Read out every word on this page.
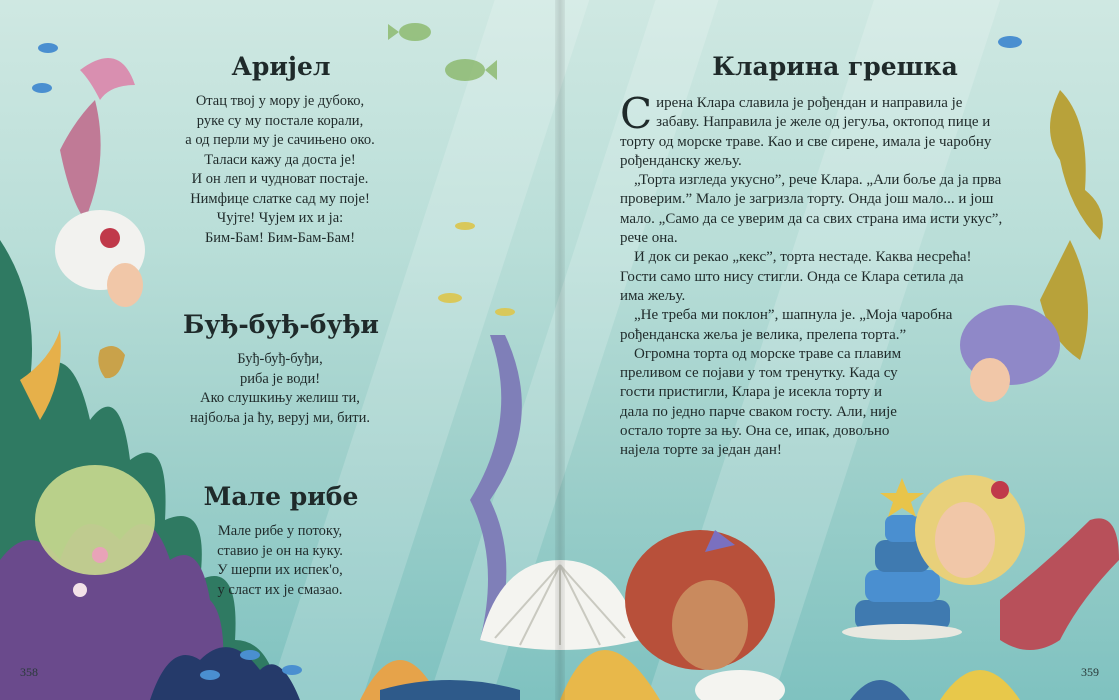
Аријел
Отац твој у мору је дубоко,
руке су му постале корали,
а од перли му је сачињено око.
Таласи кажу да доста је!
И он леп и чудноват постаје.
Нимфице слатке сад му поје!
Чујте! Чујем их и ја:
Бим-Бам! Бим-Бам-Бам!
Буђ-буђ-буђи
Буђ-буђ-буђи,
риба је води!
Ако слушкињу желиш ти,
најбоља ја ћу, веруј ми, бити.
Мале рибе
Мале рибе у потоку,
ставио је он на куку.
У шерпи их испек'о,
у сласт их је смазао.
358
Кларина грешка

С ирена Клара славила је рођендан и направила је
забаву. Направила је желе од јегуља, октопод пице и
торту од морске траве. Као и све сирене, имала је чаробну
рођенданску жељу.

„Торта изгледа укусно”, рече Клара. „Али боље да ја прва
проверим.” Мало је загризла торту. Онда још мало... и још
мало. „Само да се уверим да са свих страна има исти укус”,
рече она.

И док си рекао „кекс”, торта нестаде. Каква несрећа!
Гости само што нису стигли. Онда се Клара сетила да
има жељу.

„Не треба ми поклон”, шапнула је. „Моја чаробна
рођенданска жеља је велика, прелепа торта.”

Огромна торта од морске траве са плавим
преливом се појави у том тренутку. Када су
гости пристигли, Клара је исекла торту и
дала по једно парче сваком госту. Али, није
остало торте за њу. Она се, ипак, довољно
најела торте за један дан!

359
